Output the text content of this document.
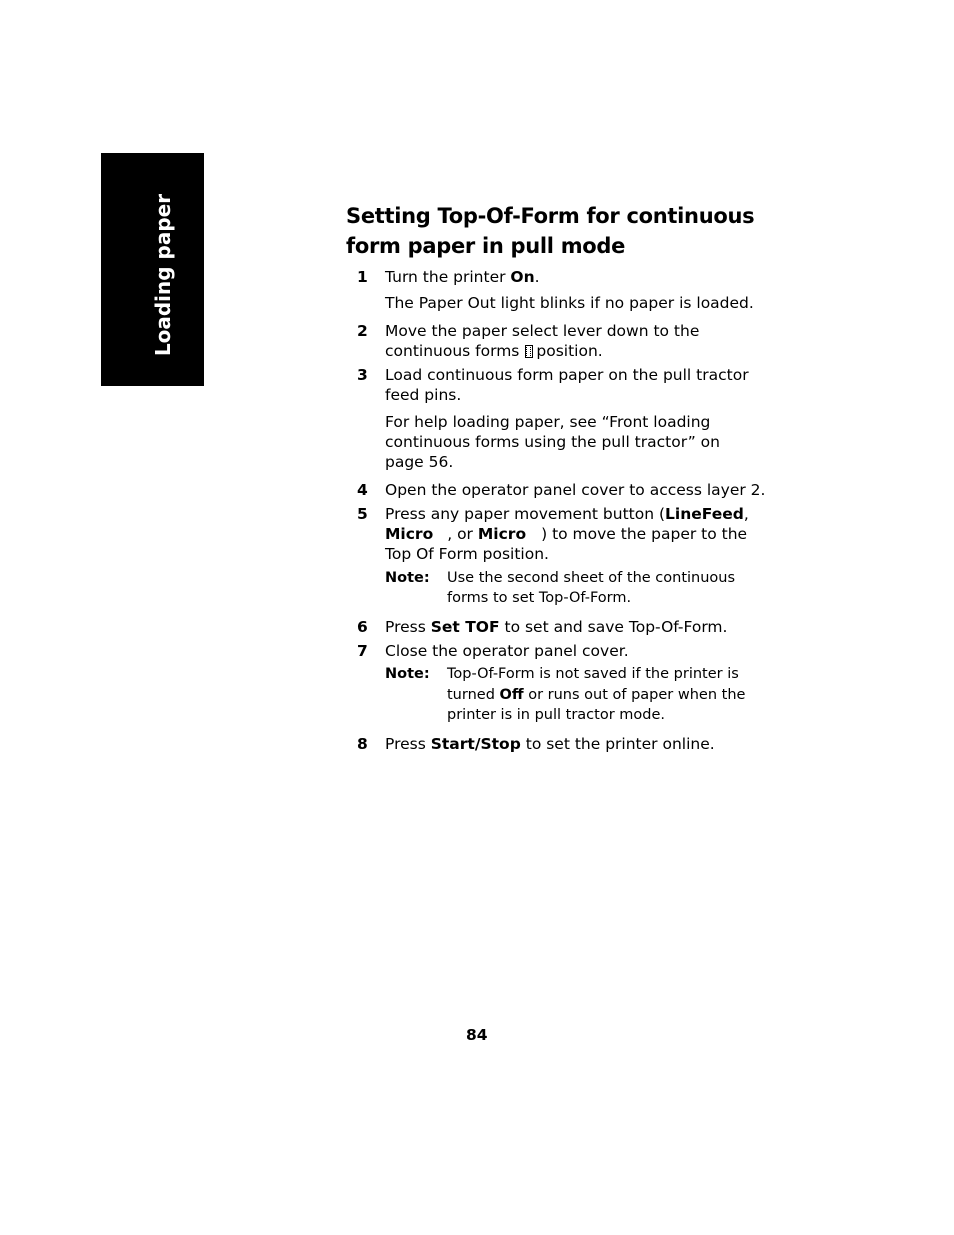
Loading paper	Setting Top-Of-Form for continuous form paper in pull mode
1 Turn the printer On.
The Paper Out light blinks if no paper is loaded.
2 Move the paper select lever down to the
continuous forms position.
3 Load continuous form paper on the pull tractor
feed pins.
For help loading paper, see “Front loading
continuous forms using the pull tractor” on
page 56.
4 Open the operator panel cover to access layer 2.
5 Press any paper movement button (LineFeed,
Micro , or Micro ) to move the paper to the
Top Of Form position.
Note: Use the second sheet of the continuous
forms to set Top-Of-Form.
6 Press Set TOF to set and save Top-Of-Form.
7 Close the operator panel cover.
Note: Top-Of-Form is not saved if the printer is
turned Off or runs out of paper when the
printer is in pull tractor mode.
8 Press Start/Stop to set the printer online.
84
